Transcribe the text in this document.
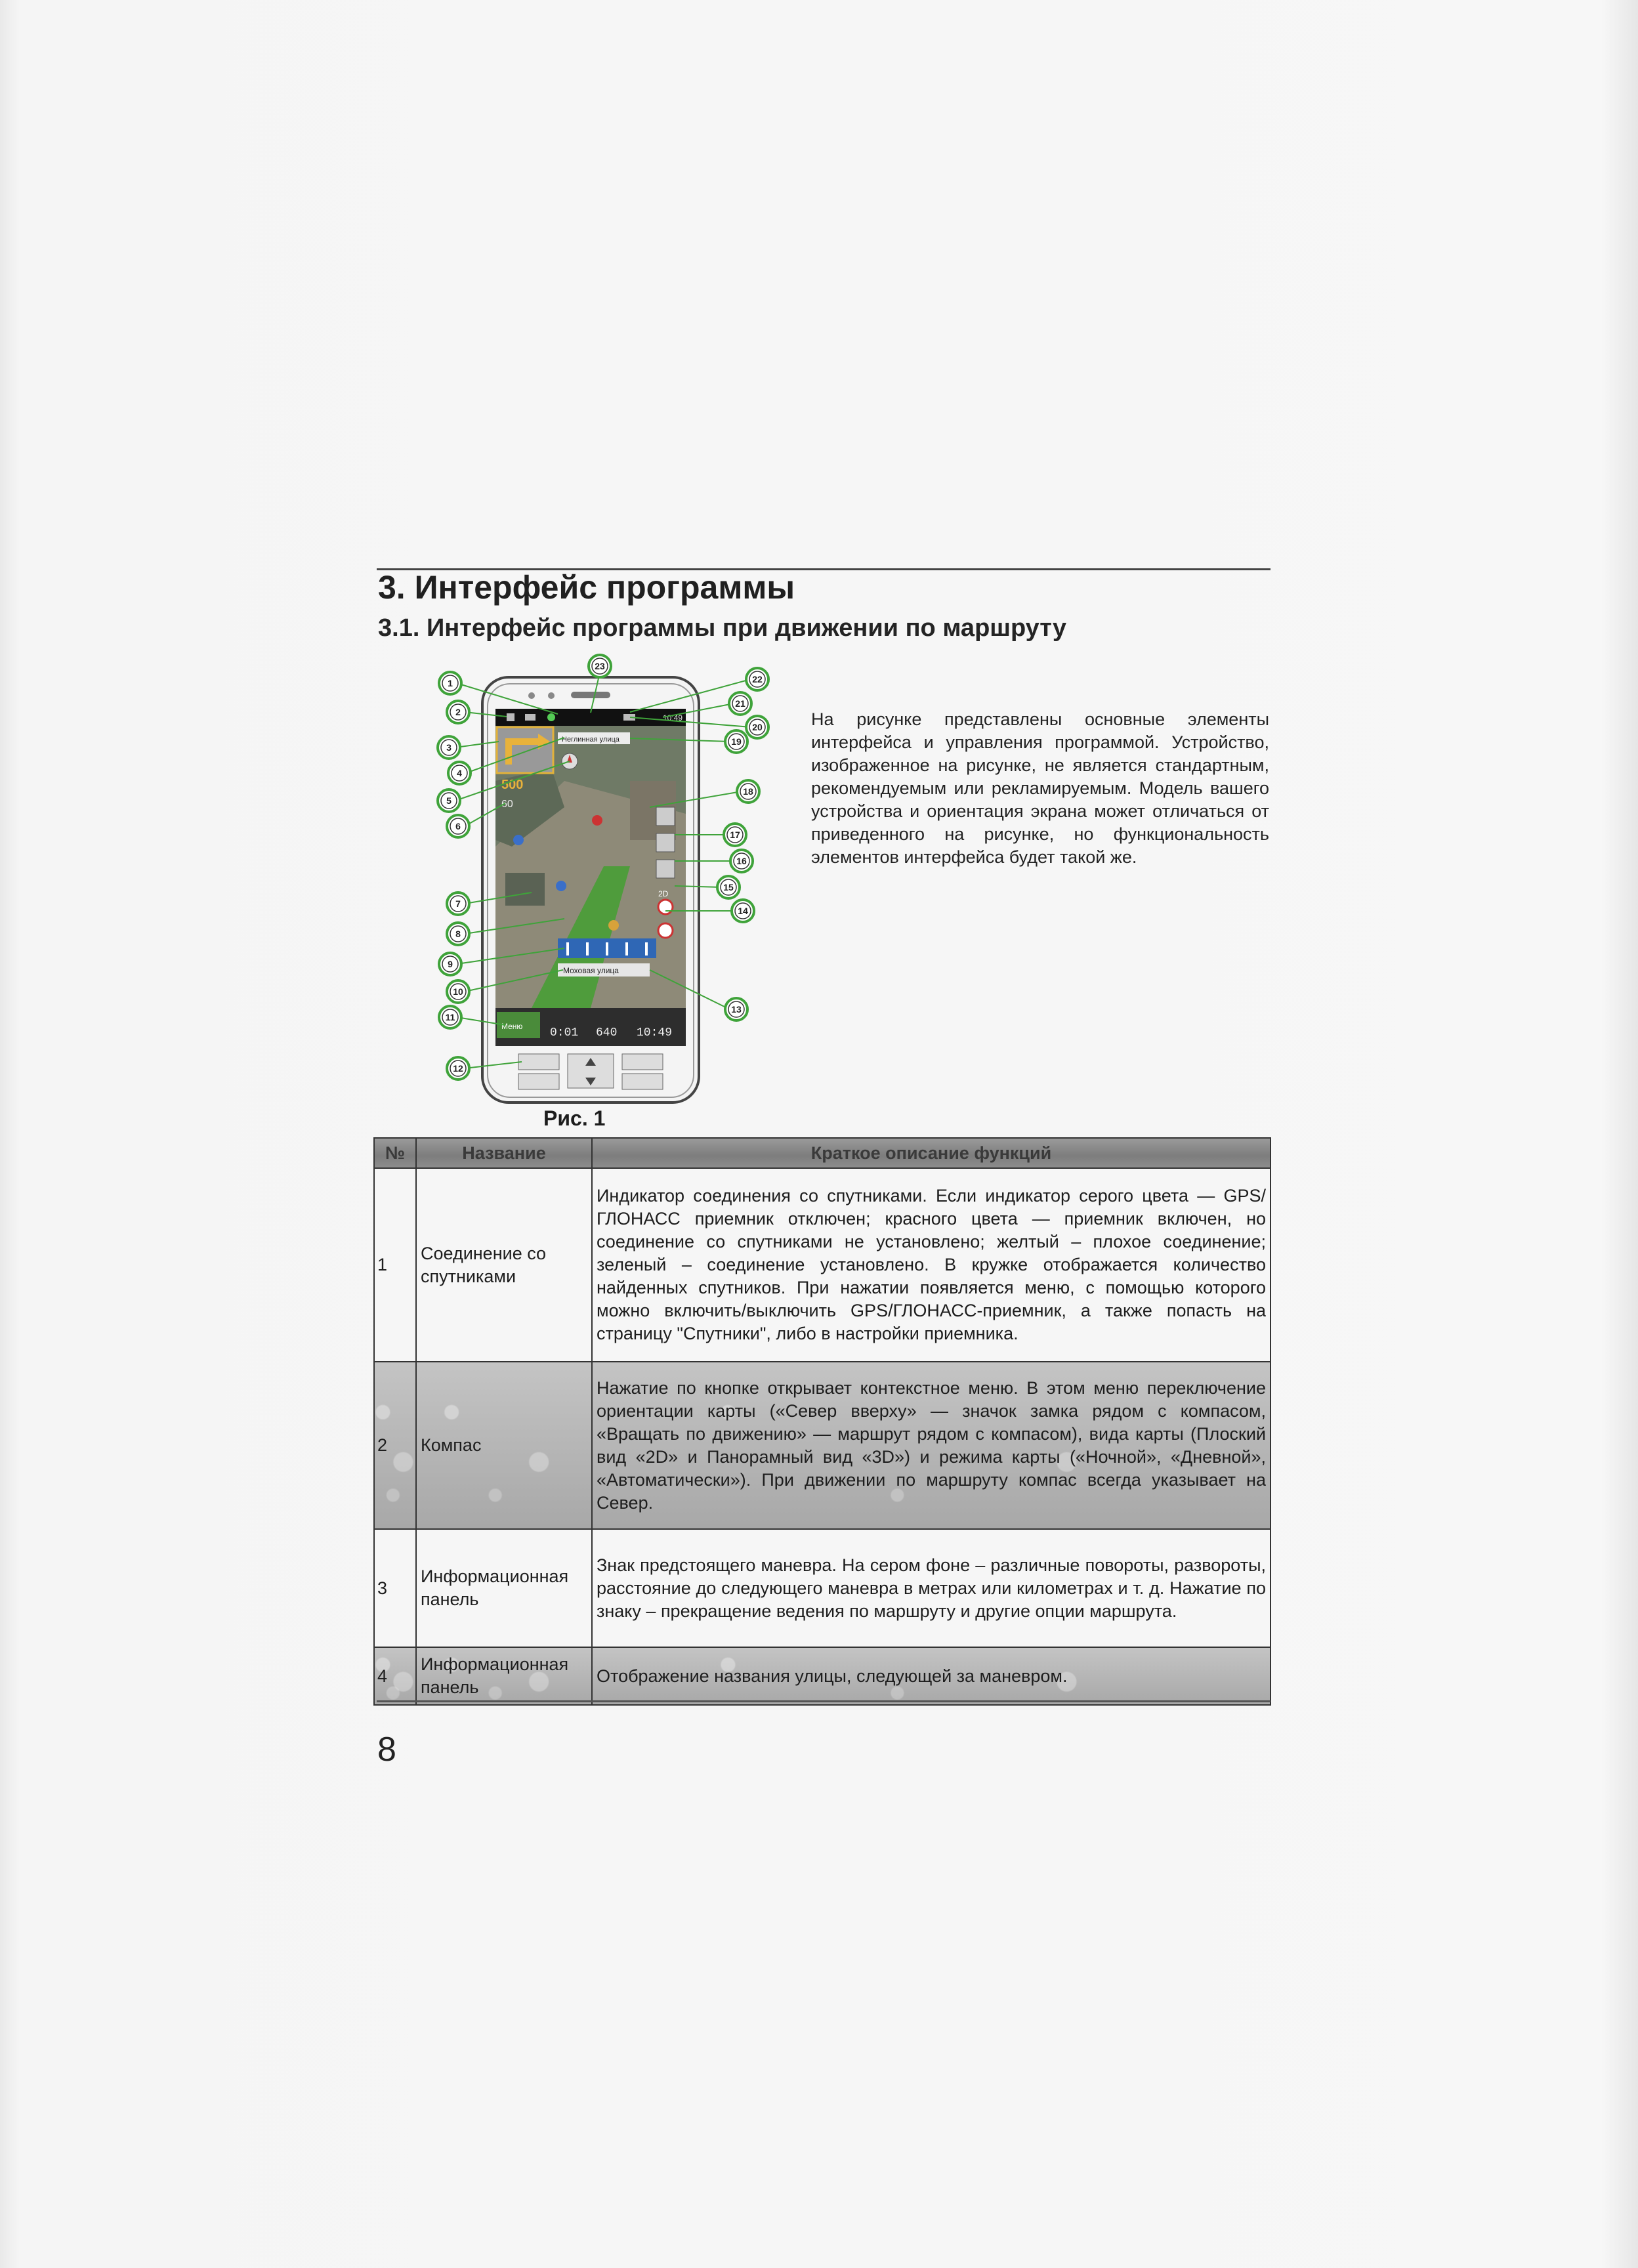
3. Интерфейс программы
3.1. Интерфейс программы при движении по маршруту
10:49
Неглинная улица
500
60
2D
Моховая улица
Меню 0:01 640 10:49
1
2
3
4
5
6
7
8
9
10
11
12
13
14
15
16
17
18
19
20
21
22
23
Рис. 1
На рисунке представлены основные элементы интерфейса и управления программой. Устройство, изображенное на рисунке, не является стандартным, рекомендуемым или рекламируемым. Модель вашего устройства и ориентация экрана может отличаться от приведенного на рисунке, но функциональность элементов интерфейса будет такой же.
№	Название	Краткое описание функций
1	Соединение со спутниками	Индикатор соединения со спутниками. Если индикатор серого цвета — GPS/ГЛОНАСС приемник отключен; красного цвета — приемник включен, но соединение со спутниками не установлено; желтый – плохое соединение; зеленый – соединение установлено. В кружке отображается количество найденных спутников. При нажатии появляется меню, с помощью которого можно включить/выключить GPS/ГЛОНАСС-приемник, а также попасть на страницу "Спутники", либо в настройки приемника.
2	Компас	Нажатие по кнопке открывает контекстное меню. В этом меню переключение ориентации карты («Север вверху» — значок замка рядом с компасом, «Вращать по движению» — маршрут рядом с компасом), вида карты (Плоский вид «2D» и Панорамный вид «3D») и режима карты («Ночной», «Дневной», «Автоматически»). При движении по маршруту компас всегда указывает на Север.
3	Информационная панель	Знак предстоящего маневра. На сером фоне – различные повороты, развороты, расстояние до следующего маневра в метрах или километрах и т. д. Нажатие по знаку – прекращение ведения по маршруту и другие опции маршрута.
4	Информационная панель	Отображение названия улицы, следующей за маневром.
8
